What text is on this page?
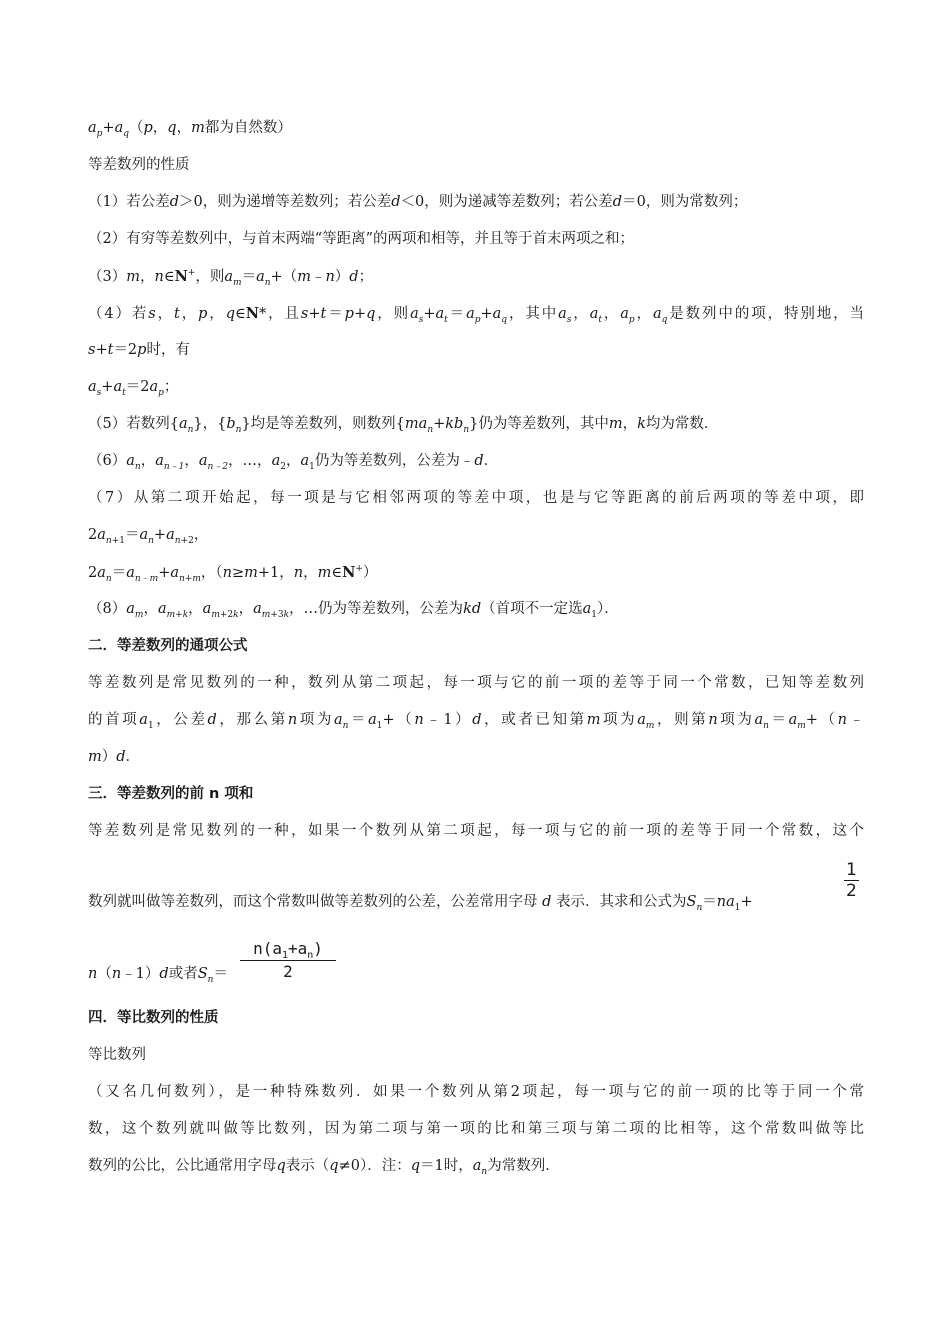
$a_p+a_q(p$，q，m都为自然数）
等差数列的性质
（1）若公差d＞0，则为递增等差数列；若公差d＜0，则为递减等差数列；若公差d＝0，则为常数列；
（2）有穷等差数列中，与首末两端“等距离”的两项和相等，并且等于首末两项之和；
（3）m，n∈N+，则$a_m=a_n+(m﹣n)d$；
（4）若s，t，p，q∈N*，且s+t＝p+q，则$a_s+a_t=a_p+a_q$，其中$a_s$，$a_t$，$a_p$，$a_q$是数列中的项，特别地，当
s+t＝2p时，有
$a_s+a_t=2a_p$；
（5）若数列$\{a_n\}$，$\{b_n\}$均是等差数列，则数列$\{ma_n+kb_n\}$仍为等差数列，其中m，k均为常数．
$(6)a_n$，$a_{n﹣1}$，$a_{n﹣2}$，…，$a_2$，$a_1$仍为等差数列，公差为﹣d．
（7）从第二项开始起，每一项是与它相邻两项的等差中项，也是与它等距离的前后两项的等差中项，即
$2a_{n+1}=a_n+a_{n+2}$，
$2a_n=a_{n﹣m}+a_{n+m}$，（n≥m+1，n，m∈N+）
$(8)a_m$，$a_{m+k}$，$a_{m+2k}$，$a_{m+3k}$，…仍为等差数列，公差为kd（首项不一定选$a_1$）．
二．等差数列的通项公式
等差数列是常见数列的一种，数列从第二项起，每一项与它的前一项的差等于同一个常数，已知等差数列
的首项$a_1$，公差d，那么第n项为$a_n=a_1+(n﹣1)d$，或者已知第m项为$a_m$，则第n项为$a_n=a_m+(n﹣$
m）d．
三．等差数列的前 n 项和
等差数列是常见数列的一种，如果一个数列从第二项起，每一项与它的前一项的差等于同一个常数，这个
数列就叫做等差数列，而这个常数叫做等差数列的公差，公差常用字母 d 表示．其求和公式为$S_n=na_1+$
$\frac{1}{2}$
n（n﹣1）d或者$S_n= \frac{n(a_1+a_n)}{2}$
四．等比数列的性质
等比数列
（又名几何数列），是一种特殊数列．如果一个数列从第2项起，每一项与它的前一项的比等于同一个常
数，这个数列就叫做等比数列，因为第二项与第一项的比和第三项与第二项的比相等，这个常数叫做等比
数列的公比，公比通常用字母q表示（q≠0）．注：q＝1时，$a_n$为常数列．
